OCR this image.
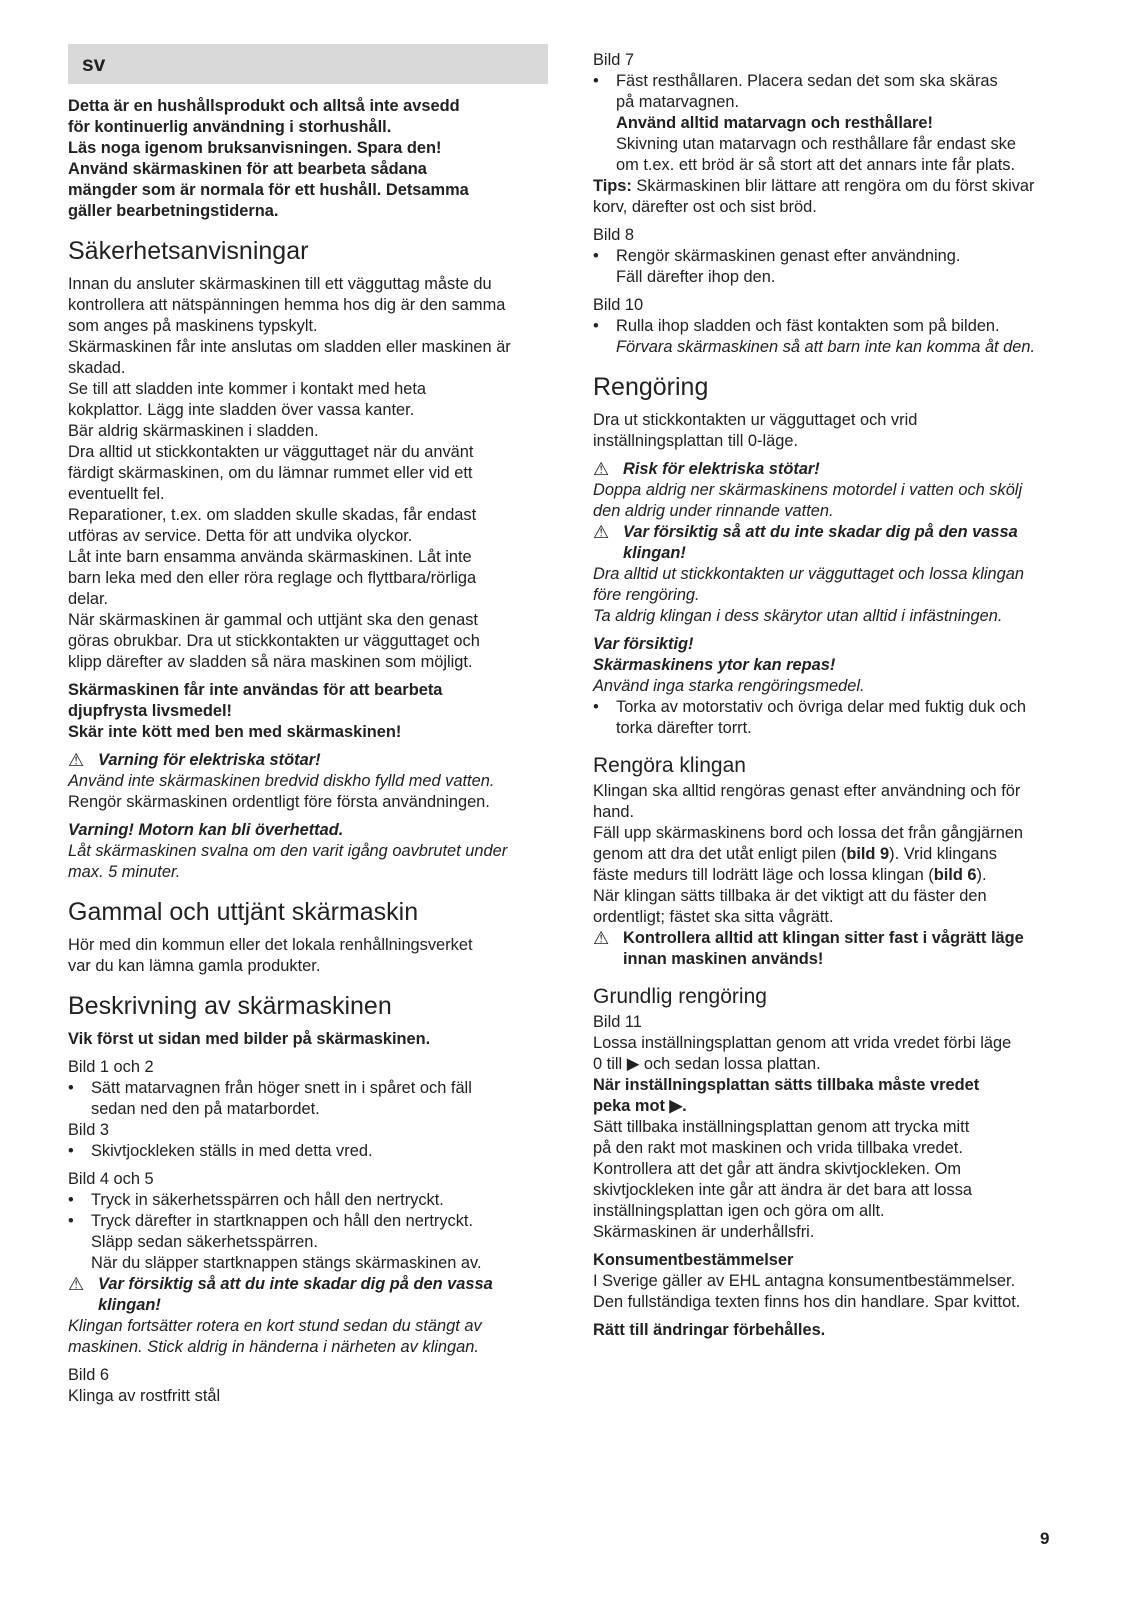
sv

Detta är en hushållsprodukt och alltså inte avsedd

för kontinuerlig användning i storhushåll.

Läs noga igenom bruksanvisningen. Spara den!

Använd skärmaskinen för att bearbeta sådana

mängder som är normala för ett hushåll. Detsamma

gäller bearbetningstiderna.

Säkerhetsanvisningar

Innan du ansluter skärmaskinen till ett vägguttag måste du

kontrollera att nätspänningen hemma hos dig är den samma

som anges på maskinens typskylt.

Skärmaskinen får inte anslutas om sladden eller maskinen är

skadad.

Se till att sladden inte kommer i kontakt med heta

kokplattor. Lägg inte sladden över vassa kanter.

Bär aldrig skärmaskinen i sladden.

Dra alltid ut stickkontakten ur vägguttaget när du använt

färdigt skärmaskinen, om du lämnar rummet eller vid ett

eventuellt fel.

Reparationer, t.ex. om sladden skulle skadas, får endast

utföras av service. Detta för att undvika olyckor.

Låt inte barn ensamma använda skärmaskinen. Låt inte

barn leka med den eller röra reglage och flyttbara/rörliga

delar.

När skärmaskinen är gammal och uttjänt ska den genast

göras obrukbar. Dra ut stickkontakten ur vägguttaget och

klipp därefter av sladden så nära maskinen som möjligt.

Skärmaskinen får inte användas för att bearbeta

djupfrysta livsmedel!

Skär inte kött med ben med skärmaskinen!

⚠ Varning för elektriska stötar!

Använd inte skärmaskinen bredvid diskho fylld med vatten.

Rengör skärmaskinen ordentligt före första användningen.

Varning! Motorn kan bli överhettad.

Låt skärmaskinen svalna om den varit igång oavbrutet under

max. 5 minuter.

Gammal och uttjänt skärmaskin

Hör med din kommun eller det lokala renhållningsverket

var du kan lämna gamla produkter.

Beskrivning av skärmaskinen

Vik först ut sidan med bilder på skärmaskinen.

Bild 1 och 2

• Sätt matarvagnen från höger snett in i spåret och fäll

sedan ned den på matarbordet.

Bild 3

• Skivtjockleken ställs in med detta vred.

Bild 4 och 5

• Tryck in säkerhetsspärren och håll den nertryckt.

• Tryck därefter in startknappen och håll den nertryckt.

Släpp sedan säkerhetsspärren.

När du släpper startknappen stängs skärmaskinen av.

⚠ Var försiktig så att du inte skadar dig på den vassa

klingan!

Klingan fortsätter rotera en kort stund sedan du stängt av

maskinen. Stick aldrig in händerna i närheten av klingan.

Bild 6

Klinga av rostfritt stål

Bild 7

• Fäst resthållaren. Placera sedan det som ska skäras

på matarvagnen.

Använd alltid matarvagn och resthållare!

Skivning utan matarvagn och resthållare får endast ske

om t.ex. ett bröd är så stort att det annars inte får plats.

Tips: Skärmaskinen blir lättare att rengöra om du först skivar

korv, därefter ost och sist bröd.

Bild 8

• Rengör skärmaskinen genast efter användning.

Fäll därefter ihop den.

Bild 10

• Rulla ihop sladden och fäst kontakten som på bilden.

Förvara skärmaskinen så att barn inte kan komma åt den.

Rengöring

Dra ut stickkontakten ur vägguttaget och vrid

inställningsplattan till 0-läge.

⚠ Risk för elektriska stötar!

Doppa aldrig ner skärmaskinens motordel i vatten och skölj

den aldrig under rinnande vatten.

⚠ Var försiktig så att du inte skadar dig på den vassa

klingan!

Dra alltid ut stickkontakten ur vägguttaget och lossa klingan

före rengöring.

Ta aldrig klingan i dess skärytor utan alltid i infästningen.

Var försiktig!

Skärmaskinens ytor kan repas!

Använd inga starka rengöringsmedel.

• Torka av motorstativ och övriga delar med fuktig duk och

torka därefter torrt.

Rengöra klingan

Klingan ska alltid rengöras genast efter användning och för

hand.

Fäll upp skärmaskinens bord och lossa det från gångjärnen

genom att dra det utåt enligt pilen (bild 9). Vrid klingans

fäste medurs till lodrätt läge och lossa klingan (bild 6).

När klingan sätts tillbaka är det viktigt att du fäster den

ordentligt; fästet ska sitta vågrätt.

⚠ Kontrollera alltid att klingan sitter fast i vågrätt läge

innan maskinen används!

Grundlig rengöring

Bild 11

Lossa inställningsplattan genom att vrida vredet förbi läge

0 till ▶ och sedan lossa plattan.

När inställningsplattan sätts tillbaka måste vredet

peka mot ▶.

Sätt tillbaka inställningsplattan genom att trycka mitt

på den rakt mot maskinen och vrida tillbaka vredet.

Kontrollera att det går att ändra skivtjockleken. Om

skivtjockleken inte går att ändra är det bara att lossa

inställningsplattan igen och göra om allt.

Skärmaskinen är underhållsfri.

Konsumentbestämmelser

I Sverige gäller av EHL antagna konsumentbestämmelser.

Den fullständiga texten finns hos din handlare. Spar kvittot.

Rätt till ändringar förbehålles.

9
